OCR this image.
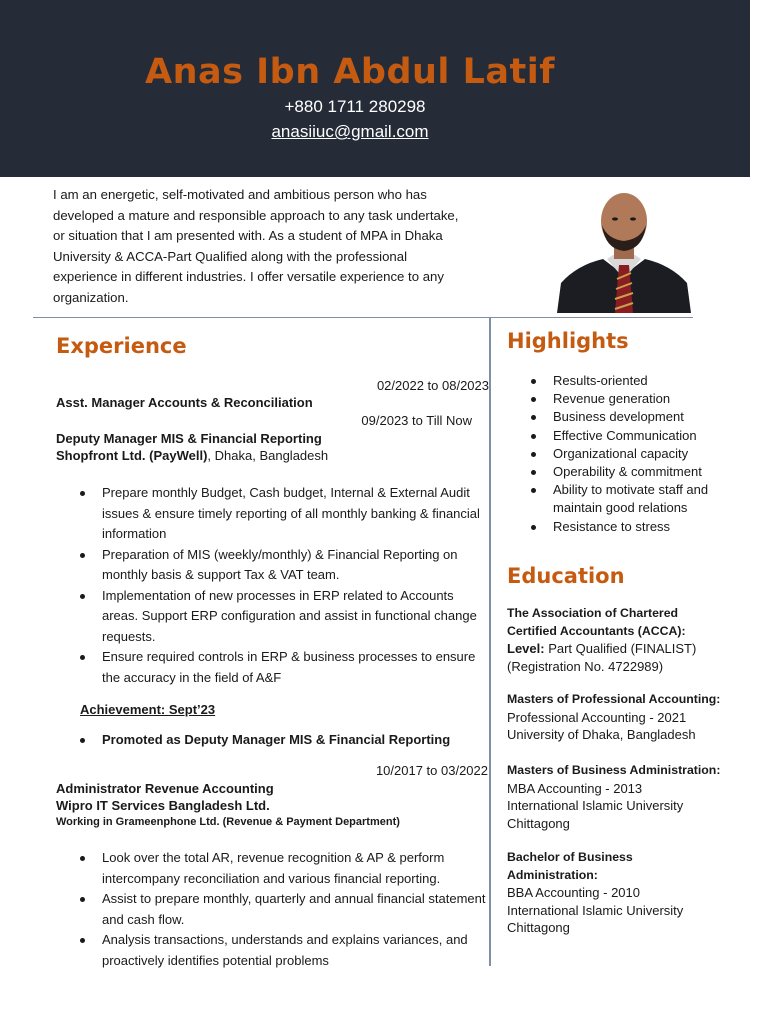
Anas Ibn Abdul Latif
+880 1711 280298
anasiiuc@gmail.com
I am an energetic, self-motivated and ambitious person who has developed a mature and responsible approach to any task undertake, or situation that I am presented with. As a student of MPA in Dhaka University & ACCA-Part Qualified along with the professional experience in different industries. I offer versatile experience to any organization.
Experience
02/2022 to 08/2023
Asst. Manager Accounts & Reconciliation
09/2023 to Till Now
Deputy Manager MIS & Financial Reporting
Shopfront Ltd. (PayWell), Dhaka, Bangladesh
Prepare monthly Budget, Cash budget, Internal & External Audit issues & ensure timely reporting of all monthly banking & financial information
Preparation of MIS (weekly/monthly) & Financial Reporting on monthly basis & support Tax & VAT team.
Implementation of new processes in ERP related to Accounts areas. Support ERP configuration and assist in functional change requests.
Ensure required controls in ERP & business processes to ensure the accuracy in the field of A&F
Achievement: Sept’23
Promoted as Deputy Manager MIS & Financial Reporting
10/2017 to 03/2022
Administrator Revenue Accounting
Wipro IT Services Bangladesh Ltd.
Working in Grameenphone Ltd. (Revenue & Payment Department)
Look over the total AR, revenue recognition & AP & perform intercompany reconciliation and various financial reporting.
Assist to prepare monthly, quarterly and annual financial statement and cash flow.
Analysis transactions, understands and explains variances, and proactively identifies potential problems
Highlights
Results-oriented
Revenue generation
Business development
Effective Communication
Organizational capacity
Operability & commitment
Ability to motivate staff and maintain good relations
Resistance to stress
Education
The Association of Chartered Certified Accountants (ACCA):
Level: Part Qualified (FINALIST)
(Registration No. 4722989)
Masters of Professional Accounting:
Professional Accounting - 2021
University of Dhaka, Bangladesh
Masters of Business Administration:
MBA Accounting - 2013
International Islamic University
Chittagong
Bachelor of Business Administration:
BBA Accounting - 2010
International Islamic University
Chittagong
